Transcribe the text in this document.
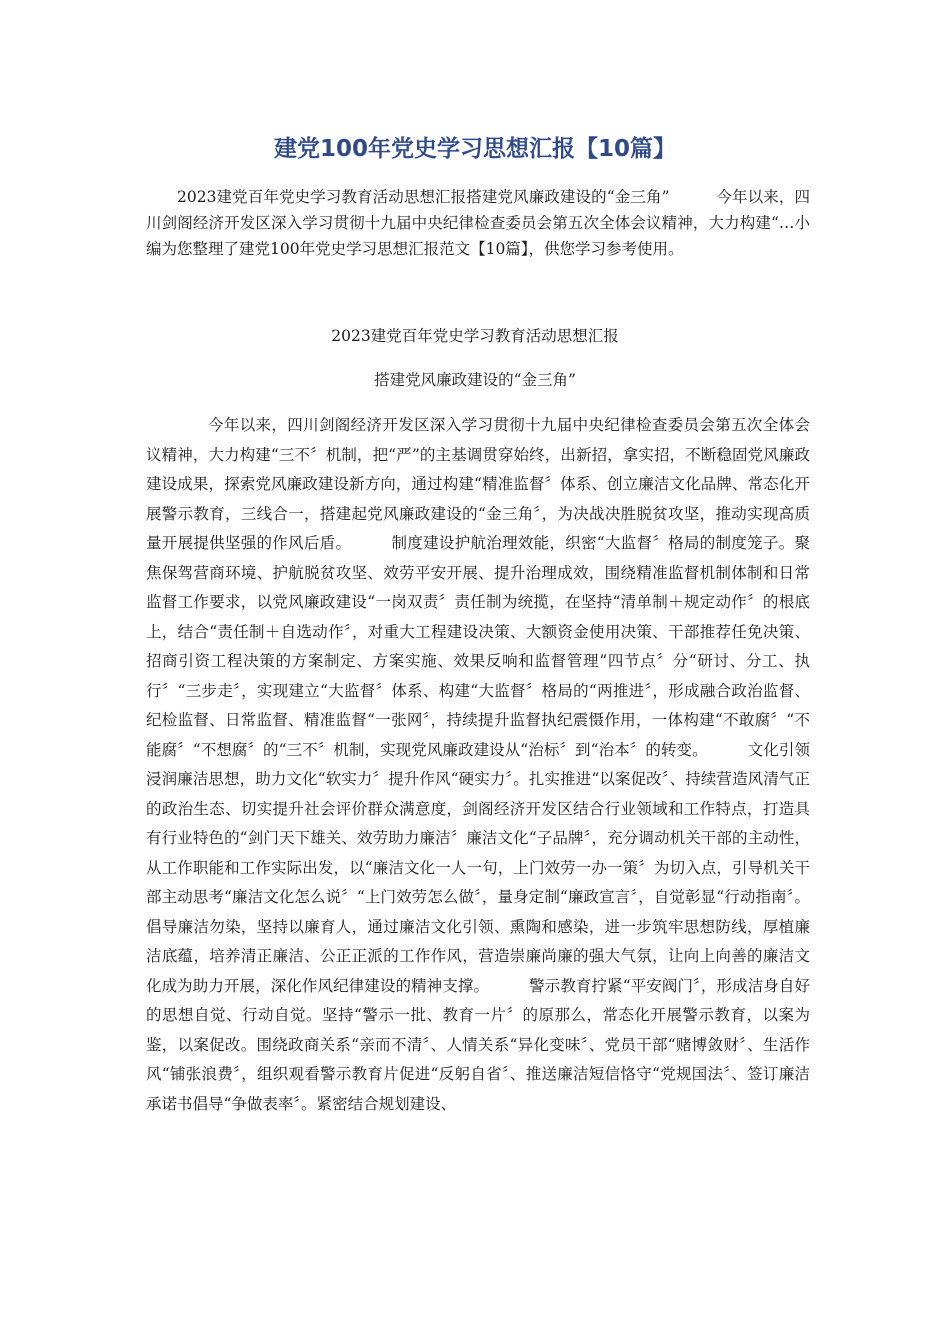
建党100年党史学习思想汇报【10篇】

2023建党百年党史学习教育活动思想汇报搭建党风廉政建设的“金三角”　　　今年以来，四川剑阁经济开发区深入学习贯彻十九届中央纪律检查委员会第五次全体会议精神，大力构建“…小编为您整理了建党100年党史学习思想汇报范文【10篇】，供您学习参考使用。

2023建党百年党史学习教育活动思想汇报

搭建党风廉政建设的“金三角”

今年以来，四川剑阁经济开发区深入学习贯彻十九届中央纪律检查委员会第五次全体会议精神，大力构建“三不〞机制，把“严”的主基调贯穿始终，出新招，拿实招，不断稳固党风廉政建设成果，探索党风廉政建设新方向，通过构建“精准监督〞体系、创立廉洁文化品牌、常态化开展警示教育，三线合一，搭建起党风廉政建设的“金三角〞，为决战决胜脱贫攻坚，推动实现高质量开展提供坚强的作风后盾。	制度建设护航治理效能，织密“大监督〞格局的制度笼子。聚焦保驾营商环境、护航脱贫攻坚、效劳平安开展、提升治理成效，围绕精准监督机制体制和日常监督工作要求，以党风廉政建设“一岗双责〞责任制为统揽，在坚持“清单制＋规定动作〞的根底上，结合“责任制＋自选动作〞，对重大工程建设决策、大额资金使用决策、干部推荐任免决策、招商引资工程决策的方案制定、方案实施、效果反响和监督管理“四节点〞分“研讨、分工、执行〞“三步走〞，实现建立“大监督〞体系、构建“大监督〞格局的“两推进〞，形成融合政治监督、纪检监督、日常监督、精准监督“一张网〞，持续提升监督执纪震慑作用，一体构建“不敢腐〞“不能腐〞“不想腐〞的“三不〞机制，实现党风廉政建设从“治标〞到“治本〞的转变。	文化引领浸润廉洁思想，助力文化“软实力〞提升作风“硬实力〞。扎实推进“以案促改〞、持续营造风清气正的政治生态、切实提升社会评价群众满意度，剑阁经济开发区结合行业领域和工作特点，打造具有行业特色的“剑门天下雄关、效劳助力廉洁〞廉洁文化“子品牌〞，充分调动机关干部的主动性，从工作职能和工作实际出发，以“廉洁文化一人一句，上门效劳一办一策〞为切入点，引导机关干部主动思考“廉洁文化怎么说〞“上门效劳怎么做〞，量身定制“廉政宣言〞，自觉彰显“行动指南〞。倡导廉洁勿染，坚持以廉育人，通过廉洁文化引领、熏陶和感染，进一步筑牢思想防线，厚植廉洁底蕴，培养清正廉洁、公正正派的工作作风，营造崇廉尚廉的强大气氛，让向上向善的廉洁文化成为助力开展，深化作风纪律建设的精神支撑。	警示教育拧紧“平安阀门〞，形成洁身自好的思想自觉、行动自觉。坚持“警示一批、教育一片〞的原那么，常态化开展警示教育，以案为鉴，以案促改。围绕政商关系“亲而不清〞、人情关系“异化变味〞、党员干部“赌博敛财〞、生活作风“铺张浪费〞，组织观看警示教育片促进“反躬自省〞、推送廉洁短信恪守“党规国法〞、签订廉洁承诺书倡导“争做表率〞。紧密结合规划建设、
